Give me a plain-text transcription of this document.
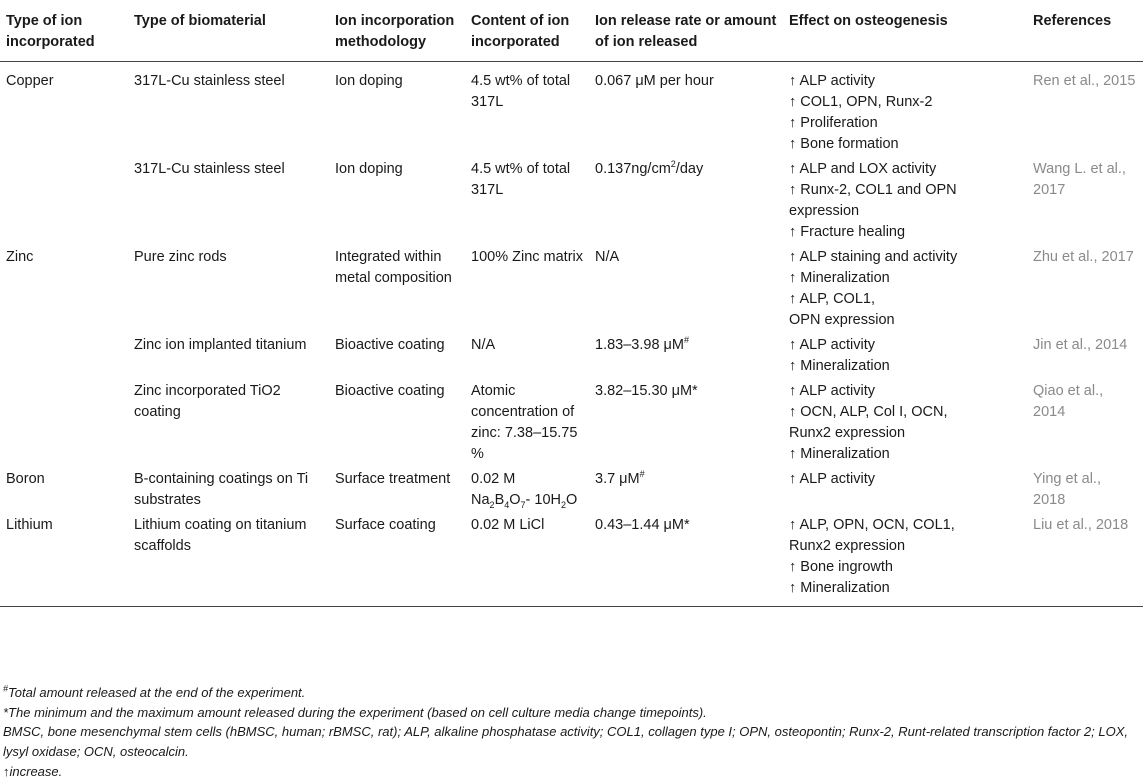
Type of ion incorporated	Type of biomaterial	Ion incorporation methodology	Content of ion incorporated	Ion release rate or amount of ion released	Effect on osteogenesis	References
Copper	317L-Cu stainless steel	Ion doping	4.5 wt% of total 317L	0.067 μM per hour	↑ ALP activity
↑ COL1, OPN, Runx-2
↑ Proliferation
↑ Bone formation	Ren et al., 2015
	317L-Cu stainless steel	Ion doping	4.5 wt% of total 317L	$0.137ng/cm^2$/day	↑ ALP and LOX activity
↑ Runx-2, COL1 and OPN
expression
↑ Fracture healing	Wang L. et al., 2017
Zinc	Pure zinc rods	Integrated within metal composition	100% Zinc matrix	N/A	↑ ALP staining and activity
↑ Mineralization
↑ ALP, COL1,
OPN expression	Zhu et al., 2017
	Zinc ion implanted titanium	Bioactive coating	N/A	1.83–3.98 μM#	↑ ALP activity
↑ Mineralization	Jin et al., 2014
	Zinc incorporated TiO2 coating	Bioactive coating	Atomic concentration of zinc: 7.38–15.75 %	3.82–15.30 μM*	↑ ALP activity
↑ OCN, ALP, Col I, OCN,
Runx2 expression
↑ Mineralization	Qiao et al., 2014
Boron	B-containing coatings on Ti substrates	Surface treatment	0.02 M
$Na_2B_4O_7-$ $10H_2O$	3.7 μM#	↑ ALP activity	Ying et al., 2018
Lithium	Lithium coating on titanium scaffolds	Surface coating	0.02 M LiCl	0.43–1.44 μM*	↑ ALP, OPN, OCN, COL1,
Runx2 expression
↑ Bone ingrowth
↑ Mineralization	Liu et al., 2018
#Total amount released at the end of the experiment.
*The minimum and the maximum amount released during the experiment (based on cell culture media change timepoints).
BMSC, bone mesenchymal stem cells (hBMSC, human; rBMSC, rat); ALP, alkaline phosphatase activity; COL1, collagen type I; OPN, osteopontin; Runx-2, Runt-related transcription factor 2; LOX, lysyl oxidase; OCN, osteocalcin.
↑increase.
